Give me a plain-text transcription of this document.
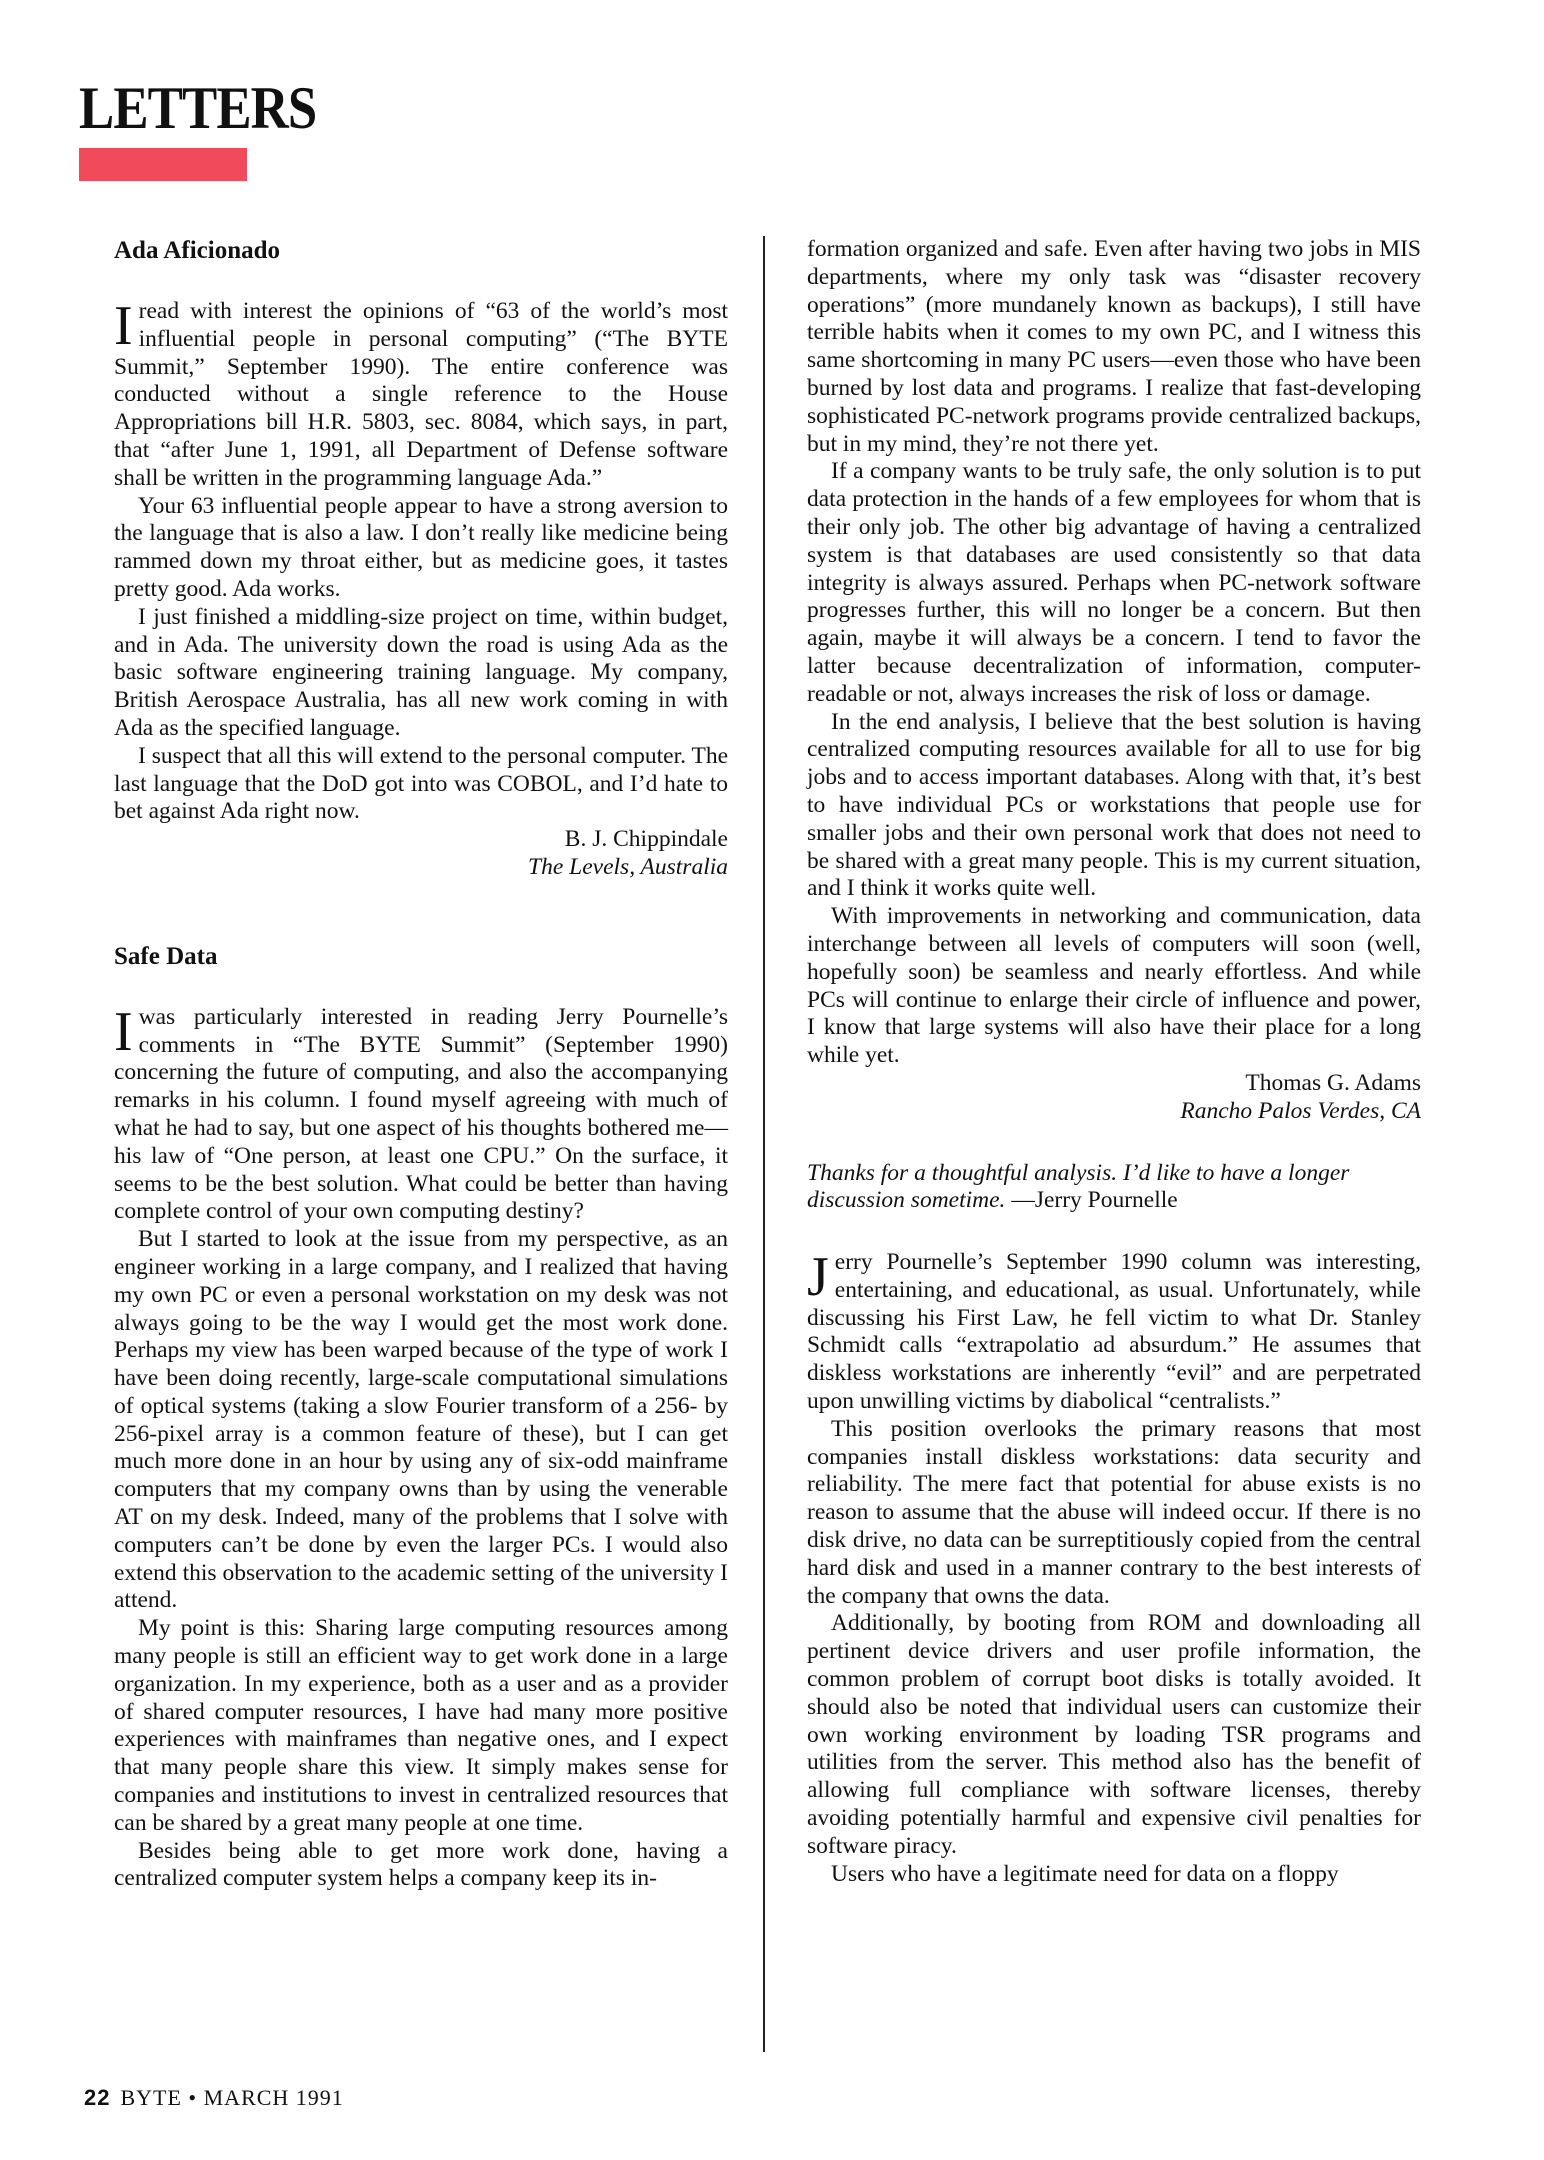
LETTERS
Ada Aficionado

Iread with interest the opinions of “63 of the world’s most influential people in personal computing” (“The BYTE Summit,” September 1990). The entire conference was conducted without a single reference to the House Appropriations bill H.R. 5803, sec. 8084, which says, in part, that “after June 1, 1991, all Department of Defense software shall be written in the programming language Ada.”

Your 63 influential people appear to have a strong aversion to the language that is also a law. I don’t really like medicine being rammed down my throat either, but as medicine goes, it tastes pretty good. Ada works.

I just finished a middling-size project on time, within budget, and in Ada. The university down the road is using Ada as the basic software engineering training language. My company, British Aerospace Australia, has all new work coming in with Ada as the specified language.

I suspect that all this will extend to the personal computer. The last language that the DoD got into was COBOL, and I’d hate to bet against Ada right now.

B. J. Chippindale

The Levels, Australia

Safe Data

Iwas particularly interested in reading Jerry Pournelle’s comments in “The BYTE Summit” (September 1990) concerning the future of computing, and also the accompanying remarks in his column. I found myself agreeing with much of what he had to say, but one aspect of his thoughts bothered me—his law of “One person, at least one CPU.” On the surface, it seems to be the best solution. What could be better than having complete control of your own computing destiny?

But I started to look at the issue from my perspective, as an engineer working in a large company, and I realized that having my own PC or even a personal workstation on my desk was not always going to be the way I would get the most work done. Perhaps my view has been warped because of the type of work I have been doing recently, large-scale computational simulations of optical systems (taking a slow Fourier transform of a 256- by 256-pixel array is a common feature of these), but I can get much more done in an hour by using any of six-odd mainframe computers that my company owns than by using the venerable AT on my desk. Indeed, many of the problems that I solve with computers can’t be done by even the larger PCs. I would also extend this observation to the academic setting of the university I attend.

My point is this: Sharing large computing resources among many people is still an efficient way to get work done in a large organization. In my experience, both as a user and as a provider of shared computer resources, I have had many more positive experiences with mainframes than negative ones, and I expect that many people share this view. It simply makes sense for companies and institutions to invest in centralized resources that can be shared by a great many people at one time.

Besides being able to get more work done, having a centralized computer system helps a company keep its in-

formation organized and safe. Even after having two jobs in MIS departments, where my only task was “disaster recovery operations” (more mundanely known as backups), I still have terrible habits when it comes to my own PC, and I witness this same shortcoming in many PC users—even those who have been burned by lost data and programs. I realize that fast-developing sophisticated PC-network programs provide centralized backups, but in my mind, they’re not there yet.

If a company wants to be truly safe, the only solution is to put data protection in the hands of a few employees for whom that is their only job. The other big advantage of having a centralized system is that databases are used consistently so that data integrity is always assured. Perhaps when PC-network software progresses further, this will no longer be a concern. But then again, maybe it will always be a concern. I tend to favor the latter because decentralization of information, computer-readable or not, always increases the risk of loss or damage.

In the end analysis, I believe that the best solution is having centralized computing resources available for all to use for big jobs and to access important databases. Along with that, it’s best to have individual PCs or workstations that people use for smaller jobs and their own personal work that does not need to be shared with a great many people. This is my current situation, and I think it works quite well.

With improvements in networking and communication, data interchange between all levels of computers will soon (well, hopefully soon) be seamless and nearly effortless. And while PCs will continue to enlarge their circle of influence and power, I know that large systems will also have their place for a long while yet.

Thomas G. Adams

Rancho Palos Verdes, CA

Thanks for a thoughtful analysis. I’d like to have a longer discussion sometime. —Jerry Pournelle

Jerry Pournelle’s September 1990 column was interesting, entertaining, and educational, as usual. Unfortunately, while discussing his First Law, he fell victim to what Dr. Stanley Schmidt calls “extrapolatio ad absurdum.” He assumes that diskless workstations are inherently “evil” and are perpetrated upon unwilling victims by diabolical “centralists.”

This position overlooks the primary reasons that most companies install diskless workstations: data security and reliability. The mere fact that potential for abuse exists is no reason to assume that the abuse will indeed occur. If there is no disk drive, no data can be surreptitiously copied from the central hard disk and used in a manner contrary to the best interests of the company that owns the data.

Additionally, by booting from ROM and downloading all pertinent device drivers and user profile information, the common problem of corrupt boot disks is totally avoided. It should also be noted that individual users can customize their own working environment by loading TSR programs and utilities from the server. This method also has the benefit of allowing full compliance with software licenses, thereby avoiding potentially harmful and expensive civil penalties for software piracy.

Users who have a legitimate need for data on a floppy

22 BYTE • MARCH 1991
